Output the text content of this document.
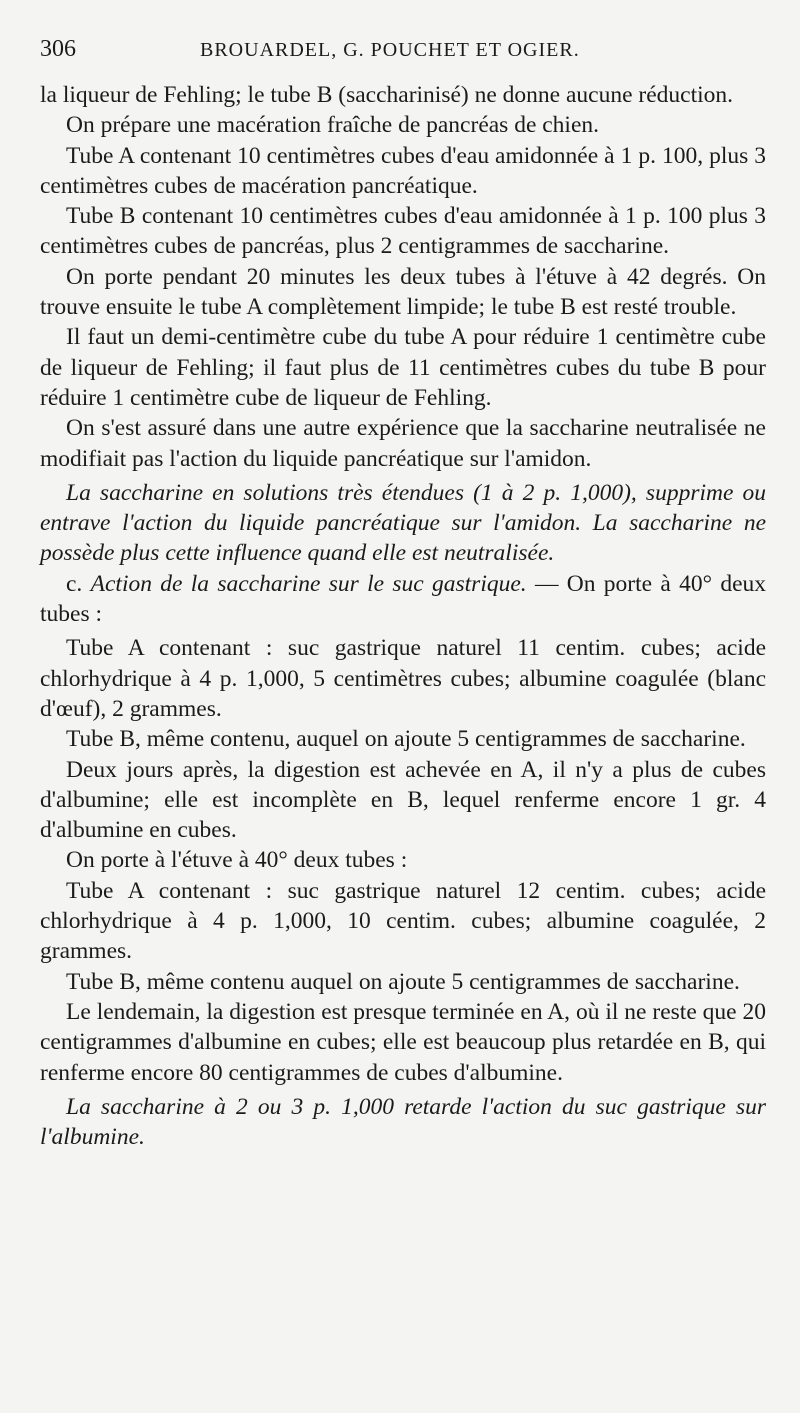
306	BROUARDEL, G. POUCHET ET OGIER.

la liqueur de Fehling; le tube B (saccharinisé) ne donne aucune réduction.

On prépare une macération fraîche de pancréas de chien.

Tube A contenant 10 centimètres cubes d'eau amidonnée à 1 p. 100, plus 3 centimètres cubes de macération pancréatique.

Tube B contenant 10 centimètres cubes d'eau amidonnée à 1 p. 100 plus 3 centimètres cubes de pancréas, plus 2 centigrammes de saccharine.

On porte pendant 20 minutes les deux tubes à l'étuve à 42 degrés. On trouve ensuite le tube A complètement limpide; le tube B est resté trouble.

Il faut un demi-centimètre cube du tube A pour réduire 1 centimètre cube de liqueur de Fehling; il faut plus de 11 centimètres cubes du tube B pour réduire 1 centimètre cube de liqueur de Fehling.

On s'est assuré dans une autre expérience que la saccharine neutralisée ne modifiait pas l'action du liquide pancréatique sur l'amidon.

La saccharine en solutions très étendues (1 à 2 p. 1,000), supprime ou entrave l'action du liquide pancréatique sur l'amidon. La saccharine ne possède plus cette influence quand elle est neutralisée.

c. Action de la saccharine sur le suc gastrique. — On porte à 40° deux tubes :

Tube A contenant : suc gastrique naturel 11 centim. cubes; acide chlorhydrique à 4 p. 1,000, 5 centimètres cubes; albumine coagulée (blanc d'œuf), 2 grammes.

Tube B, même contenu, auquel on ajoute 5 centigrammes de saccharine.

Deux jours après, la digestion est achevée en A, il n'y a plus de cubes d'albumine; elle est incomplète en B, lequel renferme encore 1 gr. 4 d'albumine en cubes.

On porte à l'étuve à 40° deux tubes :

Tube A contenant : suc gastrique naturel 12 centim. cubes; acide chlorhydrique à 4 p. 1,000, 10 centim. cubes; albumine coagulée, 2 grammes.

Tube B, même contenu auquel on ajoute 5 centigrammes de saccharine.

Le lendemain, la digestion est presque terminée en A, où il ne reste que 20 centigrammes d'albumine en cubes; elle est beaucoup plus retardée en B, qui renferme encore 80 centigrammes de cubes d'albumine.

La saccharine à 2 ou 3 p. 1,000 retarde l'action du suc gastrique sur l'albumine.
